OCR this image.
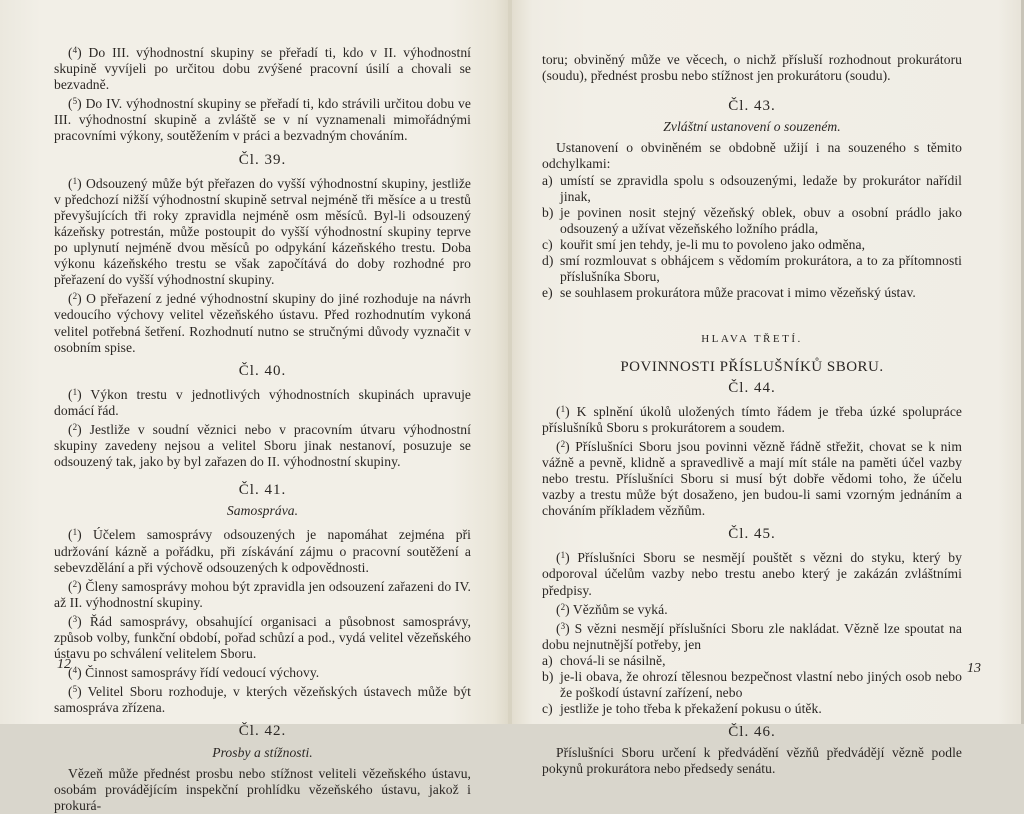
($^4$) Do III. výhodnostní skupiny se přeřadí ti, kdo v II. výhodnostní skupině vyvíjeli po určitou dobu zvýšené pracovní úsilí a chovali se bezvadně.

($^5$) Do IV. výhodnostní skupiny se přeřadí ti, kdo strávili určitou dobu ve III. výhodnostní skupině a zvláště se v ní vyznamenali mimořádnými pracovními výkony, soutěžením v práci a bezvadným chováním.

Čl. 39.

($^1$) Odsouzený může být přeřazen do vyšší výhodnostní skupiny, jestliže v předchozí nižší výhodnostní skupině setrval nejméně tři měsíce a u trestů převyšujících tři roky zpravidla nejméně osm měsíců. Byl-li odsouzený kázeňsky potrestán, může postoupit do vyšší výhodnostní skupiny teprve po uplynutí nejméně dvou měsíců po odpykání kázeňského trestu. Doba výkonu kázeňského trestu se však započítává do doby rozhodné pro přeřazení do vyšší výhodnostní skupiny.

($^2$) O přeřazení z jedné výhodnostní skupiny do jiné rozhoduje na návrh vedoucího výchovy velitel vězeňského ústavu. Před rozhodnutím vykoná velitel potřebná šetření. Rozhodnutí nutno se stručnými důvody vyznačit v osobním spise.

Čl. 40.

($^1$) Výkon trestu v jednotlivých výhodnostních skupinách upravuje domácí řád.

($^2$) Jestliže v soudní věznici nebo v pracovním útvaru výhodnostní skupiny zavedeny nejsou a velitel Sboru jinak nestanoví, posuzuje se odsouzený tak, jako by byl zařazen do II. výhodnostní skupiny.

Čl. 41.

Samospráva.

($^1$) Účelem samosprávy odsouzených je napomáhat zejména při udržování kázně a pořádku, při získávání zájmu o pracovní soutěžení a sebevzdělání a při výchově odsouzených k odpovědnosti.

($^2$) Členy samosprávy mohou být zpravidla jen odsouzení zařazeni do IV. až II. výhodnostní skupiny.

($^3$) Řád samosprávy, obsahující organisaci a působnost samosprávy, způsob volby, funkční období, pořad schůzí a pod., vydá velitel vězeňského ústavu po schválení velitelem Sboru.

($^4$) Činnost samosprávy řídí vedoucí výchovy.

($^5$) Velitel Sboru rozhoduje, v kterých vězeňských ústavech může být samospráva zřízena.

Čl. 42.

Prosby a stížnosti.

Vězeň může přednést prosbu nebo stížnost veliteli vězeňského ústavu, osobám provádějícím inspekční prohlídku vězeňského ústavu, jakož i prokurá-

12

toru; obviněný může ve věcech, o nichž přísluší rozhodnout prokurátoru (soudu), přednést prosbu nebo stížnost jen prokurátoru (soudu).

Čl. 43.

Zvláštní ustanovení o souzeném.

Ustanovení o obviněném se obdobně užijí i na souzeného s těmito odchylkami:

a) umístí se zpravidla spolu s odsouzenými, ledaže by prokurátor nařídil jinak,

b) je povinen nosit stejný vězeňský oblek, obuv a osobní prádlo jako odsouzený a užívat vězeňského ložního prádla,

c) kouřit smí jen tehdy, je-li mu to povoleno jako odměna,

d) smí rozmlouvat s obhájcem s vědomím prokurátora, a to za přítomnosti příslušníka Sboru,

e) se souhlasem prokurátora může pracovat i mimo vězeňský ústav.

HLAVA TŘETÍ.

POVINNOSTI PŘÍSLUŠNÍKŮ SBORU.

Čl. 44.

($^1$) K splnění úkolů uložených tímto řádem je třeba úzké spolupráce příslušníků Sboru s prokurátorem a soudem.

($^2$) Příslušníci Sboru jsou povinni vězně řádně střežit, chovat se k nim vážně a pevně, klidně a spravedlivě a mají mít stále na paměti účel vazby nebo trestu. Příslušníci Sboru si musí být dobře vědomi toho, že účelu vazby a trestu může být dosaženo, jen budou-li sami vzorným jednáním a chováním příkladem vězňům.

Čl. 45.

($^1$) Příslušníci Sboru se nesmějí pouštět s vězni do styku, který by odporoval účelům vazby nebo trestu anebo který je zakázán zvláštními předpisy.

($^2$) Vězňům se vyká.

($^3$) S vězni nesmějí příslušníci Sboru zle nakládat. Vězně lze spoutat na dobu nejnutnější potřeby, jen

a) chová-li se násilně,

b) je-li obava, že ohrozí tělesnou bezpečnost vlastní nebo jiných osob nebo že poškodí ústavní zařízení, nebo

c) jestliže je toho třeba k překažení pokusu o útěk.

Čl. 46.

Příslušníci Sboru určení k předvádění vězňů předvádějí vězně podle pokynů prokurátora nebo předsedy senátu.

13
